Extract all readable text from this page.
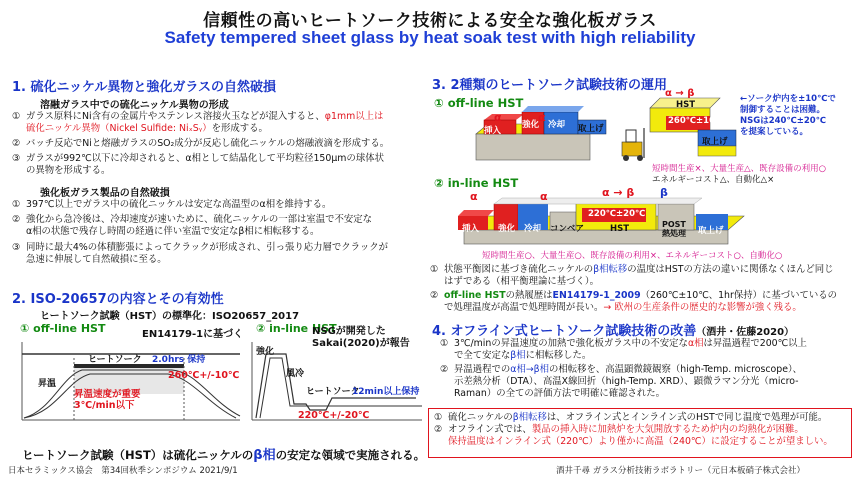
信頼性の高いヒートソーク技術による安全な強化板ガラス
Safety tempered sheet glass by heat soak test with high reliability
1. 硫化ニッケル異物と強化ガラスの自然破損
溶融ガラス中での硫化ニッケル異物の形成
① ガラス原料にNi含有の金属片やステンレス溶接火玉などが混入すると、φ1mm以上は
硫化ニッケル異物（Nickel Sulfide: NiₓSᵧ）を形成する。
② バッチ反応でNiと熔融ガラスのSO₂成分が反応し硫化ニッケルの熔融液滴を形成する。
③ ガラスが992℃以下に冷却されると、α相として結晶化して平均粒径150μmの球体状
の異物を形成する。
強化板ガラス製品の自然破損
① 397℃以上でガラス中の硫化ニッケルは安定な高温型のα相を維持する。
② 強化から急冷後は、冷却速度が速いために、硫化ニッケルの一部は室温で不安定な
α相の状態で残存し時間の経過に伴い室温で安定なβ相に相転移する。
③ 同時に最大4%の体積膨張によってクラックが形成され、引っ張り応力層でクラックが
急速に伸展して自然破損に至る。
2. ISO-20657の内容とその有効性
ヒートソーク試験（HST）の標準化：ISO20657_2017
① off-line HST	EN14179-1に基づく ② in-line HST
ヒートソーク 2.0hrs 保持
260℃+/-10℃
昇温
昇温速度が重要
3℃/min以下
強化
NSGが開発した
Sakai(2020)が報告
風冷
ヒートソーク
12min以上保持
220℃+/-20℃
ヒートソーク試験（HST）は硫化ニッケルのβ相の安定な領域で実施される。
3. 2種類のヒートソーク試験技術の運用
① off-line HST
α	α
挿入
強化 冷却 取上げ
α → β
HST
260℃±10℃
取上げ
←ソーク炉内を±10℃で
制御することは困難。
NSGは240℃±20℃
を提案している。
短時間生産×、大量生産△、既存設備の利用○
エネルギーコスト△、自動化△×
② in-line HST
α	α	α → β β
挿入 強化 冷却 コンベア
220℃±20℃
HST	POST
熱処理 取上げ
短時間生産○、大量生産○、既存設備の利用×、エネルギーコスト○、自動化○
① 状態平衡図に基づき硫化ニッケルのβ相転移の温度はHSTの方法の違いに関係なくほんど同じ
はずである（相平衡理論に基づく）。
② off-line HSTの熱履歴はEN14179-1_2009（260℃±10℃、1hr保持）に基づいているの
で処理温度が高温で処理時間が長い。→ 欧州の生産条件の歴史的な影響が強く残る。
4. オフライン式ヒートソーク試験技術の改善（酒井・佐藤2020）
① 3℃/minの昇温速度の加熱で強化板ガラス中の不安定なα相は昇温過程で200℃以上
で全て安定なβ相に相転移した。
② 昇温過程でのα相→β相の相転移を、高温顕微鏡観察（high-Temp. microscope）、
示差熱分析（DTA）、高温X線回折（high-Temp. XRD）、顕微ラマン分光（micro-
Raman）の全ての評価方法で明確に確認された。
① 硫化ニッケルのβ相転移は、オフライン式とインライン式のHSTで同じ温度で処理が可能。
② オフライン式では、製品の挿入時に加熱炉を大気開放するため炉内の均熱化が困難。
保持温度はインライン式（220℃）より僅かに高温（240℃）に設定することが望ましい。
日本セラミックス協会　第34回秋季シンポジウム 2021/9/1	酒井千尋 ガラス分析技術ラボラトリー（元日本板硝子株式会社）
